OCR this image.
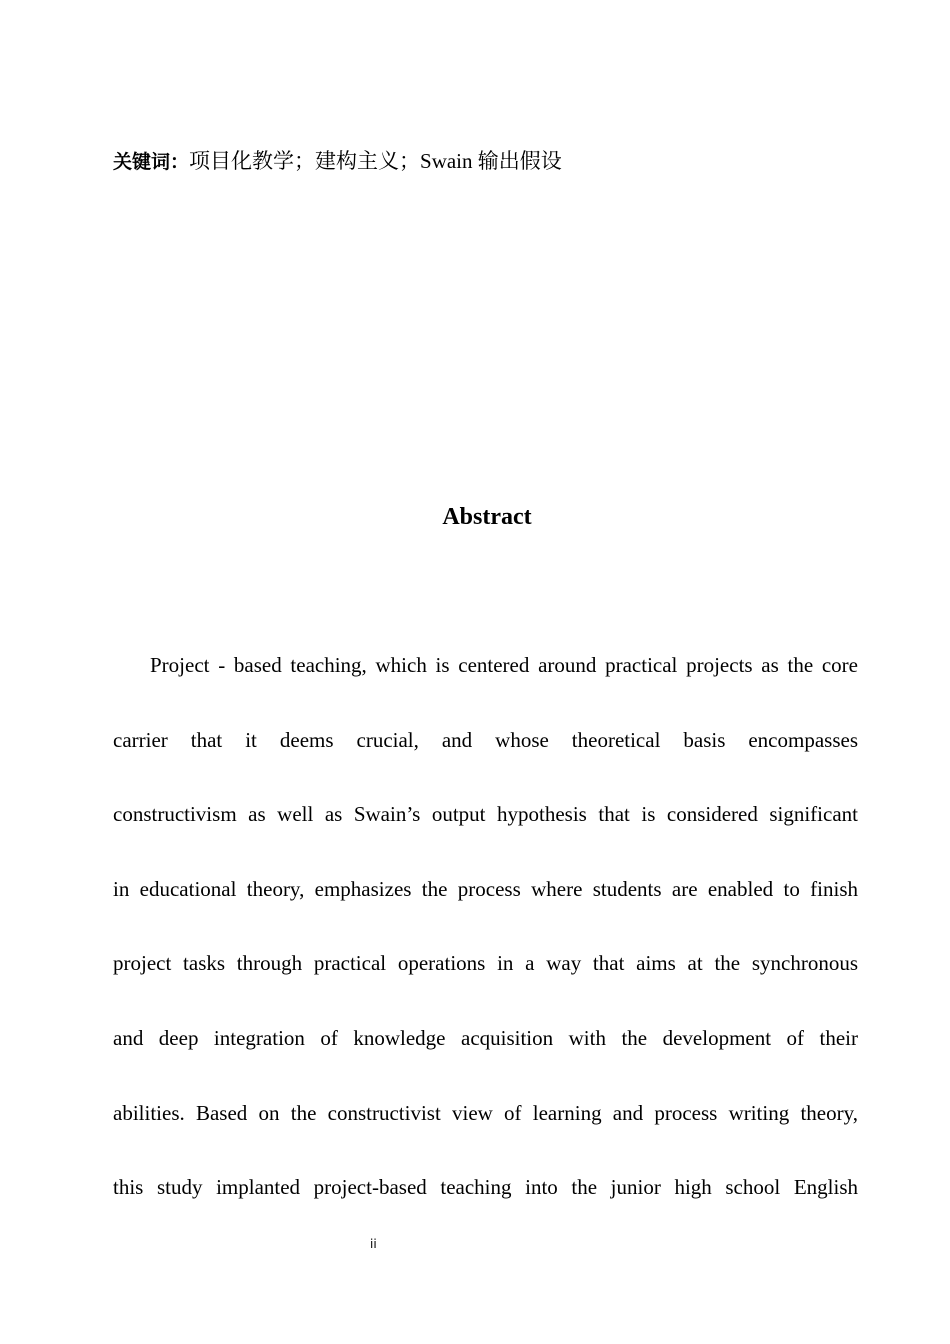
关键词：项目化教学；建构主义；Swain 输出假设
Abstract
Project - based teaching, which is centered around practical projects as the core
carrier that it deems crucial, and whose theoretical basis encompasses
constructivism as well as Swain’s output hypothesis that is considered significant
in educational theory, emphasizes the process where students are enabled to finish
project tasks through practical operations in a way that aims at the synchronous
and deep integration of knowledge acquisition with the development of their
abilities. Based on the constructivist view of learning and process writing theory,
this study implanted project-based teaching into the junior high school English
ii
